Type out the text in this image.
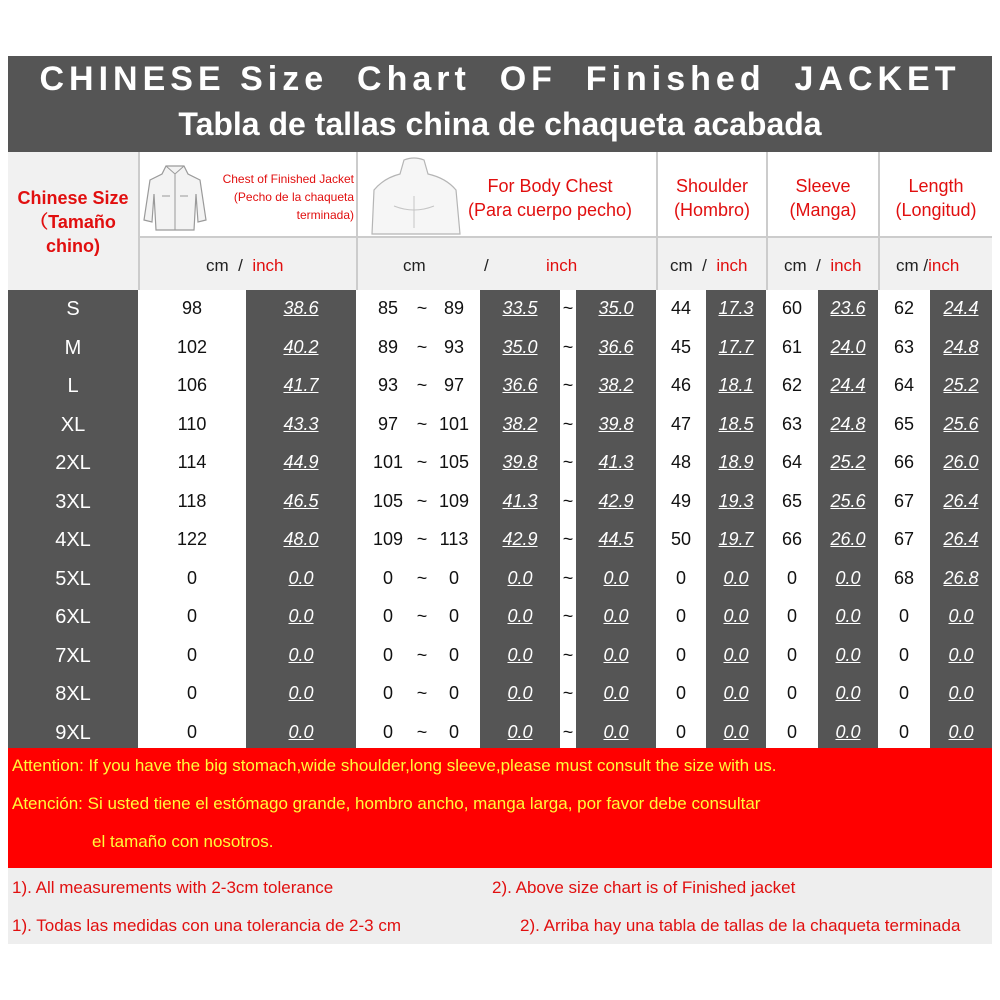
CHINESE Size  Chart  OF  Finished  JACKET
Tabla de tallas china de chaqueta acabada
Chinese Size
（Tamaño
chino)
Chest of Finished Jacket
(Pecho de la chaqueta
terminada)
For Body Chest
(Para cuerpo pecho)
Shoulder
(Hombro)
Sleeve
(Manga)
Length
(Longitud)
cm / inch	cm	/	inch	cm / inch cm / inch cm /inch
S	98	38.6	85	~ 89	33.5	~	35.0	44	17.3	60	23.6	62	24.4
M	102	40.2	89	~ 93	35.0	~	36.6	45	17.7	61	24.0	63	24.8
L	106	41.7	93	~ 97	36.6	~	38.2	46	18.1	62	24.4	64	25.2
XL	110	43.3	97	~ 101	38.2	~	39.8	47	18.5	63	24.8	65	25.6
2XL	114	44.9	101 ~ 105	39.8	~	41.3	48	18.9	64	25.2	66	26.0
3XL	118	46.5	105 ~ 109	41.3	~	42.9	49	19.3	65	25.6	67	26.4
4XL	122	48.0	109 ~ 113	42.9	~	44.5	50	19.7	66	26.0	67	26.4
5XL	0	0.0	0	~	0	0.0	~	0.0	0	0.0	0	0.0	68	26.8
6XL	0	0.0	0	~	0	0.0	~	0.0	0	0.0	0	0.0	0	0.0
7XL	0	0.0	0	~	0	0.0	~	0.0	0	0.0	0	0.0	0	0.0
8XL	0	0.0	0	~	0	0.0	~	0.0	0	0.0	0	0.0	0	0.0
9XL	0	0.0	0	~	0	0.0	~	0.0	0	0.0	0	0.0	0	0.0
Attention: If you have the big stomach,wide shoulder,long sleeve,please must consult the size with us.
Atención: Si usted tiene el estómago grande, hombro ancho, manga larga, por favor debe consultar
el tamaño con nosotros.
1). All measurements with 2-3cm tolerance	2). Above size chart is of Finished jacket
1). Todas las medidas con una tolerancia de 2-3 cm	2). Arriba hay una tabla de tallas de la chaqueta terminada
